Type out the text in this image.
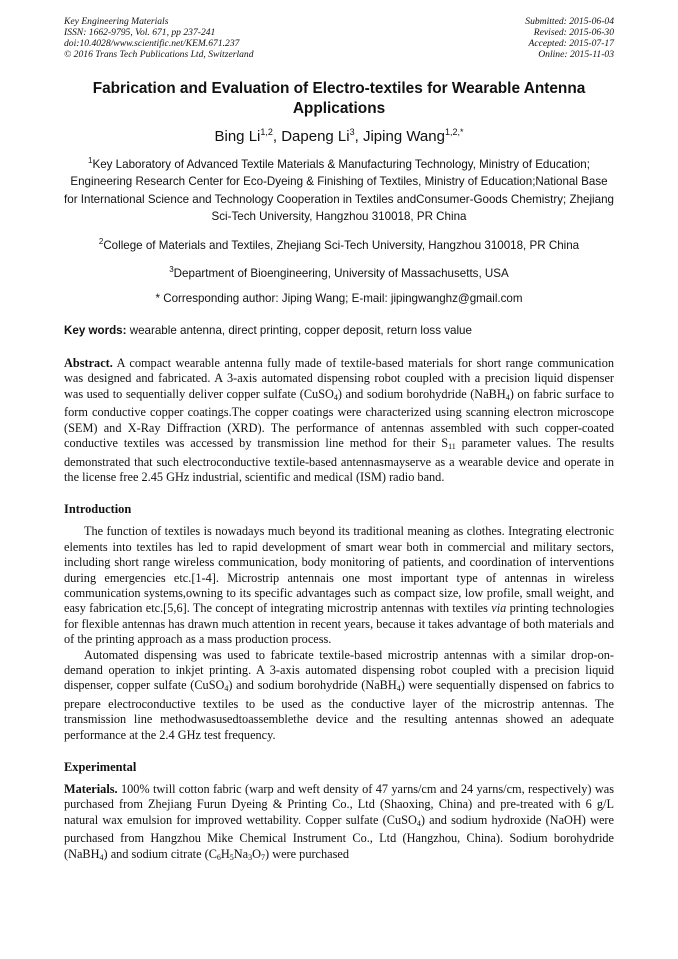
Key Engineering Materials
ISSN: 1662-9795, Vol. 671, pp 237-241
doi:10.4028/www.scientific.net/KEM.671.237
© 2016 Trans Tech Publications Ltd, Switzerland
Submitted: 2015-06-04
Revised: 2015-06-30
Accepted: 2015-07-17
Online: 2015-11-03
Fabrication and Evaluation of Electro-textiles for Wearable Antenna Applications
Bing Li$^{1,2}$, Dapeng Li$^3$, Jiping Wang$^{1,2,*}$

$^1$Key Laboratory of Advanced Textile Materials & Manufacturing Technology, Ministry of Education; Engineering Research Center for Eco-Dyeing & Finishing of Textiles, Ministry of Education;National Base for International Science and Technology Cooperation in Textiles andConsumer-Goods Chemistry; Zhejiang Sci-Tech University, Hangzhou 310018, PR China

$^2$College of Materials and Textiles, Zhejiang Sci-Tech University, Hangzhou 310018, PR China

$^3$Department of Bioengineering, University of Massachusetts, USA

* Corresponding author: Jiping Wang; E-mail: jipingwanghz@gmail.com

Key words: wearable antenna, direct printing, copper deposit, return loss value
Abstract. A compact wearable antenna fully made of textile-based materials for short range communication was designed and fabricated. A 3-axis automated dispensing robot coupled with a precision liquid dispenser was used to sequentially deliver copper sulfate (CuSO$_4$) and sodium borohydride (NaBH$_4$) on fabric surface to form conductive copper coatings.The copper coatings were characterized using scanning electron microscope (SEM) and X-Ray Diffraction (XRD). The performance of antennas assembled with such copper-coated conductive textiles was accessed by transmission line method for their $S_{11}$ parameter values. The results demonstrated that such electroconductive textile-based antennasmayserve as a wearable device and operate in the license free 2.45 GHz industrial, scientific and medical (ISM) radio band.
Introduction

The function of textiles is nowadays much beyond its traditional meaning as clothes. Integrating electronic elements into textiles has led to rapid development of smart wear both in commercial and military sectors, including short range wireless communication, body monitoring of patients, and coordination of interventions during emergencies etc.[1-4]. Microstrip antennais one most important type of antennas in wireless communication systems,owning to its specific advantages such as compact size, low profile, small weight, and easy fabrication etc.[5,6]. The concept of integrating microstrip antennas with textiles via printing technologies for flexible antennas has drawn much attention in recent years, because it takes advantage of both materials and of the printing approach as a mass production process.

Automated dispensing was used to fabricate textile-based microstrip antennas with a similar drop-on-demand operation to inkjet printing. A 3-axis automated dispensing robot coupled with a precision liquid dispenser, copper sulfate (CuSO$_4$) and sodium borohydride (NaBH$_4$) were sequentially dispensed on fabrics to prepare electroconductive textiles to be used as the conductive layer of the microstrip antennas. The transmission line methodwasusedtoassemblethe device and the resulting antennas showed an adequate performance at the 2.4 GHz test frequency.

Experimental
Materials. 100% twill cotton fabric (warp and weft density of 47 yarns/cm and 24 yarns/cm, respectively) was purchased from Zhejiang Furun Dyeing & Printing Co., Ltd (Shaoxing, China) and pre-treated with 6 g/L natural wax emulsion for improved wettability. Copper sulfate (CuSO$_4$) and sodium hydroxide (NaOH) were purchased from Hangzhou Mike Chemical Instrument Co., Ltd (Hangzhou, China). Sodium borohydride (NaBH$_4$) and sodium citrate $(C_6H_5Na_3O_7)$ were purchased
